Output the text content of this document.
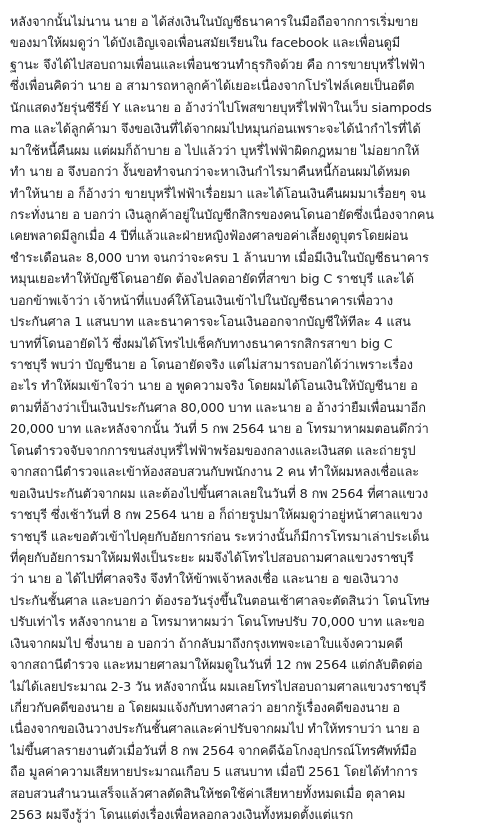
หลังจากนั้นไม่นาน นาย อ ได้ส่งเงินในบัญชีธนาคารในมือถือจากการเริ่มขาย
ของมาให้ผมดูว่า ได้บังเอิญเจอเพื่อนสมัยเรียนใน facebook และเพื่อนดูมี
ฐานะ จึงได้ไปสอบถามเพื่อนและเพื่อนชวนทำธุรกิจด้วย คือ การขายบุหรี่ไฟฟ้า
ซึ่งเพื่อนคิดว่า นาย อ สามารถหาลูกค้าได้เยอะเนื่องจากโปรไฟล์เคยเป็นอดีต
นักแสดงวัยรุ่นซีรีย์ Y และนาย อ อ้างว่าไปโพสขายบุหรี่ไฟฟ้าในเว็บ siampods
ma และได้ลูกค้ามา จึงขอเงินที่ได้จากผมไปหมุนก่อนเพราะจะได้นำกำไรที่ได้
มาใช้หนี้คืนผม แต่ผมก็ถ้าบาย อ ไปแล้วว่า บุหรี่ไฟฟ้าผิดกฎหมาย ไม่อยากให้
ทำ นาย อ จึงบอกว่า งั้นขอทำจนกว่าจะหาเงินกำไรมาคืนหนี้ก้อนผมได้หมด
ทำให้นาย อ ก็อ้างว่า ขายบุหรี่ไฟฟ้าเรื่อยมา และได้โอนเงินคืนผมมาเรื่อยๆ จน
กระทั่งนาย อ บอกว่า เงินลูกค้าอยู่ในบัญชีกสิกรของคนโดนอายัดซึ่งเนื่องจากคน
เคยพลาดมีลูกเมื่อ 4 ปีที่แล้วและฝ่ายหญิงฟ้องศาลขอค่าเลี้ยงดูบุตรโดยผ่อน
ชำระเดือนละ 8,000 บาท จนกว่าจะครบ 1 ล้านบาท เมื่อมีเงินในบัญชีธนาคาร
หมุนเยอะทำให้บัญชีโดนอายัด ต้องไปลดอายัดที่สาขา big C ราชบุรี และได้
บอกข้าพเจ้าว่า เจ้าหน้าที่แบงค์ให้โอนเงินเข้าไปในบัญชีธนาคารเพื่อวาง
ประกันศาล 1 แสนบาท และธนาคารจะโอนเงินออกจากบัญชีให้ทีละ 4 แสน
บาทที่โดนอายัดไว้ ซึ่งผมได้โทรไปเช็คกับทางธนาคารกสิกรสาขา big C
ราชบุรี พบว่า บัญชีนาย อ โดนอายัดจริง แต่ไม่สามารถบอกได้ว่าเพราะเรื่อง
อะไร ทำให้ผมเข้าใจว่า นาย อ พูดความจริง โดยผมได้โอนเงินให้บัญชีนาย อ
ตามที่อ้างว่าเป็นเงินประกันศาล 80,000 บาท และนาย อ อ้างว่ายืมเพื่อนมาอีก
20,000 บาท และหลังจากนั้น วันที่ 5 กพ 2564 นาย อ โทรมาหาผมตอนดึกว่า
โดนตำรวจจับจากการขนส่งบุหรี่ไฟฟ้าพร้อมของกลางและเงินสด และถ่ายรูป
จากสถานีตำรวจและเข้าห้องสอบสวนกับพนักงาน 2 คน ทำให้ผมหลงเชื่อและ
ขอเงินประกันตัวจากผม และต้องไปขึ้นศาลเลยในวันที่ 8 กพ 2564 ที่ศาลแขวง
ราชบุรี ซึ่งเช้าวันที่ 8 กพ 2564 นาย อ ก็ถ่ายรูปมาให้ผมดูว่าอยู่หน้าศาลแขวง
ราชบุรี และขอตัวเข้าไปคุยกับอัยการก่อน ระหว่างนั้นก็มีการโทรมาเล่าประเด็น
ที่คุยกับอัยการมาให้ผมฟังเป็นระยะ ผมจึงได้โทรไปสอบถามศาลแขวงราชบุรี
ว่า นาย อ ได้ไปที่ศาลจริง จึงทำให้ข้าพเจ้าหลงเชื่อ และนาย อ ขอเงินวาง
ประกันชั้นศาล และบอกว่า ต้องรอวันรุ่งขึ้นในตอนเช้าศาลจะตัดสินว่า โดนโทษ
ปรับเท่าไร หลังจากนาย อ โทรมาหาผมว่า โดนโทษปรับ 70,000 บาท และขอ
เงินจากผมไป ซึ่งนาย อ บอกว่า ถ้ากลับมาถึงกรุงเทพจะเอาใบแจ้งความคดี
จากสถานีตำรวจ และหมายศาลมาให้ผมดูในวันที่ 12 กพ 2564 แต่กลับติดต่อ
ไม่ได้เลยประมาณ 2-3 วัน หลังจากนั้น ผมเลยโทรไปสอบถามศาลแขวงราชบุรี
เกี่ยวกับคดีของนาย อ โดยผมแจ้งกับทางศาลว่า อยากรู้เรื่องคดีของนาย อ
เนื่องจากขอเงินวางประกันชั้นศาลและค่าปรับจากผมไป ทำให้ทราบว่า นาย อ
ไม่ขึ้นศาลรายงานตัวเมื่อวันที่ 8 กพ 2564 จากคดีฉ้อโกงอุปกรณ์โทรศัพท์มือ
ถือ มูลค่าความเสียหายประมาณเกือบ 5 แสนบาท เมื่อปี 2561 โดยได้ทำการ
สอบสวนสำนวนเสร็จแล้วศาลตัดสินให้ชดใช้ค่าเสียหายทั้งหมดเมื่อ ตุลาคม
2563 ผมจึงรู้ว่า โดนแต่งเรื่องเพื่อหลอกลวงเงินทั้งหมดตั้งแต่แรก
